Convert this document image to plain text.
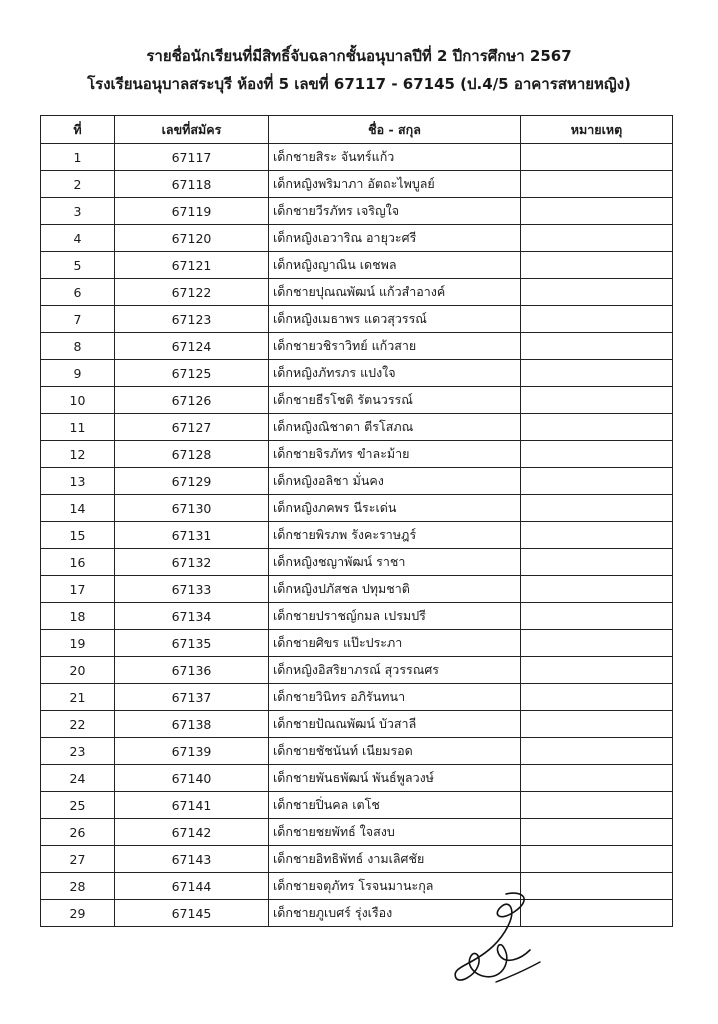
รายชื่อนักเรียนที่มีสิทธิ์จับฉลากชั้นอนุบาลปีที่ 2 ปีการศึกษา 2567
โรงเรียนอนุบาลสระบุรี ห้องที่ 5 เลขที่ 67117 - 67145 (ป.4/5 อาคารสหายหญิง)
ที่	เลขที่สมัคร	ชื่อ - สกุล	หมายเหตุ
1	67117	เด็กชายสิระ จันทร์แก้ว	
2	67118	เด็กหญิงพริมาภา อัตถะไพบูลย์	
3	67119	เด็กชายวีรภัทร เจริญใจ	
4	67120	เด็กหญิงเอวาริณ อายุวะศรี	
5	67121	เด็กหญิงญาณิน เดชพล	
6	67122	เด็กชายปุณณพัฒน์ แก้วสำอางค์	
7	67123	เด็กหญิงเมธาพร แดวสุวรรณ์	
8	67124	เด็กชายวชิราวิทย์ แก้วสาย	
9	67125	เด็กหญิงภัทรภร แปงใจ	
10	67126	เด็กชายธีรโชติ รัตนวรรณ์	
11	67127	เด็กหญิงณิชาดา ตีรโสภณ	
12	67128	เด็กชายจิรภัทร ขำละม้าย	
13	67129	เด็กหญิงอลิชา มั่นคง	
14	67130	เด็กหญิงภคพร นีระเด่น	
15	67131	เด็กชายพิรภพ รังคะราษฎร์	
16	67132	เด็กหญิงชญาพัฒน์ ราชา	
17	67133	เด็กหญิงปภัสชล ปทุมชาติ	
18	67134	เด็กชายปราชญ์กมล เปรมปรี	
19	67135	เด็กชายศิขร แป๊ะประภา	
20	67136	เด็กหญิงอิสริยาภรณ์ สุวรรณศร	
21	67137	เด็กชายวินิทร อภิรันทนา	
22	67138	เด็กชายปัณณพัฒน์ บัวสาลี	
23	67139	เด็กชายชัชนันท์ เนียมรอด	
24	67140	เด็กชายพันธพัฒน์ พันธ์พูลวงษ์	
25	67141	เด็กชายปิ่นคล เตโช	
26	67142	เด็กชายชยพัทธ์ ใจสงบ	
27	67143	เด็กชายอิทธิพัทธ์ งามเลิศชัย	
28	67144	เด็กชายจตุภัทร โรจนมานะกุล	
29	67145	เด็กชายภูเบศร์ รุ่งเรือง	
